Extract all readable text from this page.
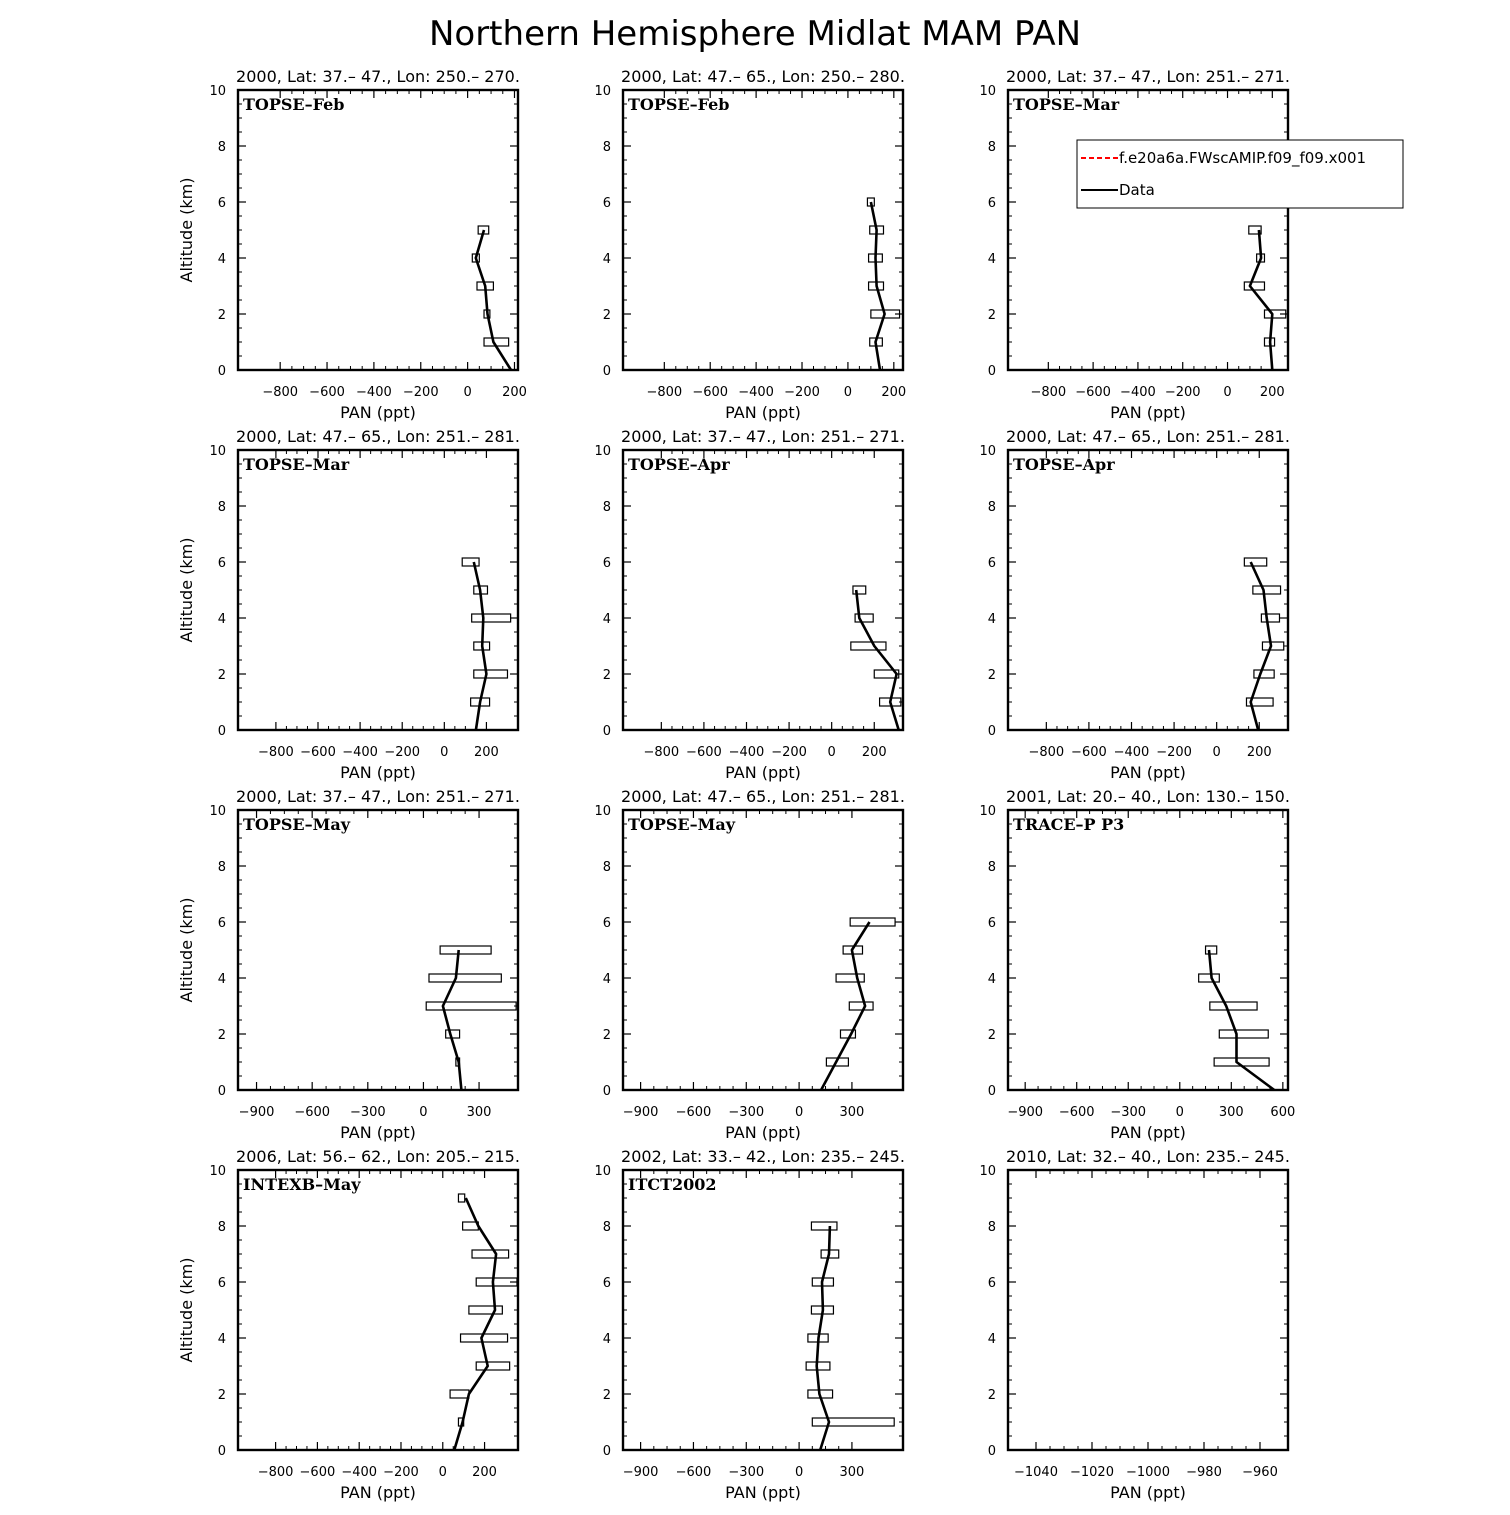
Northern Hemisphere Midlat MAM PAN
2000, Lat: 37.– 47., Lon: 250.– 270.
TOPSE–Feb
0
2
4
6
8
10
−800 −600 −400 −200 0 200
PAN (ppt)
Altitude (km)
2000, Lat: 47.– 65., Lon: 250.– 280.
TOPSE–Feb
0
2
4
6
8
10
−800 −600 −400 −200 0 200
PAN (ppt)
2000, Lat: 37.– 47., Lon: 251.– 271.
TOPSE–Mar
0
2
4
6
8
10
−800 −600 −400 −200 0 200
PAN (ppt)
2000, Lat: 47.– 65., Lon: 251.– 281.
TOPSE–Mar
0
2
4
6
8
10
−800 −600 −400 −200 0 200
PAN (ppt)
Altitude (km)
2000, Lat: 37.– 47., Lon: 251.– 271.
TOPSE–Apr
0
2
4
6
8
10
−800 −600 −400 −200 0 200
PAN (ppt)
2000, Lat: 47.– 65., Lon: 251.– 281.
TOPSE–Apr
0
2
4
6
8
10
−800 −600 −400 −200 0 200
PAN (ppt)
2000, Lat: 37.– 47., Lon: 251.– 271.
TOPSE–May
0
2
4
6
8
10
−900 −600 −300	0	300
PAN (ppt)
Altitude (km)
2000, Lat: 47.– 65., Lon: 251.– 281.
TOPSE–May
0
2
4
6
8
10
−900 −600 −300 0	300
PAN (ppt)
2001, Lat: 20.– 40., Lon: 130.– 150.
TRACE–P P3
0
2
4
6
8
10
−900 −600 −300 0	300 600
PAN (ppt)
2006, Lat: 56.– 62., Lon: 205.– 215.
INTEXB–May
0
2
4
6
8
10
−800 −600 −400 −200 0 200
PAN (ppt)
Altitude (km)
2002, Lat: 33.– 42., Lon: 235.– 245.
ITCT2002
0
2
4
6
8
10
−900 −600 −300 0	300
PAN (ppt)
2010, Lat: 32.– 40., Lon: 235.– 245.
0
2
4
6
8
10
−1040 −1020 −1000 −980 −960
PAN (ppt)
f.e20a6a.FWscAMIP.f09_f09.x001
Data
